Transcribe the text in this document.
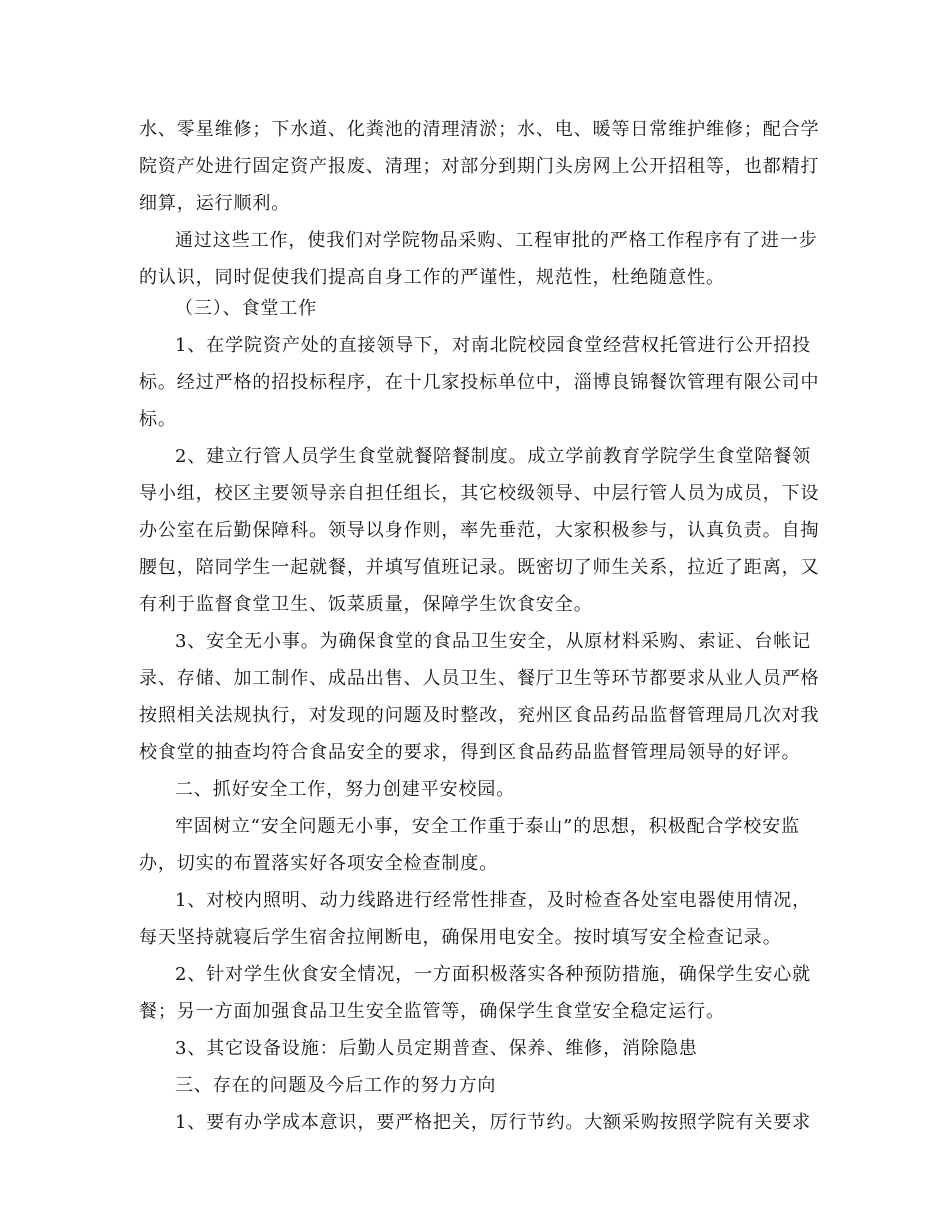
水、零星维修；下水道、化粪池的清理清淤；水、电、暖等日常维护维修；配合学

院资产处进行固定资产报废、清理；对部分到期门头房网上公开招租等，也都精打

细算，运行顺利。

通过这些工作，使我们对学院物品采购、工程审批的严格工作程序有了进一步

的认识，同时促使我们提高自身工作的严谨性，规范性，杜绝随意性。

（三）、食堂工作

1、在学院资产处的直接领导下，对南北院校园食堂经营权托管进行公开招投

标。经过严格的招投标程序，在十几家投标单位中，淄博良锦餐饮管理有限公司中

标。

2、建立行管人员学生食堂就餐陪餐制度。成立学前教育学院学生食堂陪餐领

导小组，校区主要领导亲自担任组长，其它校级领导、中层行管人员为成员，下设

办公室在后勤保障科。领导以身作则，率先垂范，大家积极参与，认真负责。自掏

腰包，陪同学生一起就餐，并填写值班记录。既密切了师生关系，拉近了距离，又

有利于监督食堂卫生、饭菜质量，保障学生饮食安全。

3、安全无小事。为确保食堂的食品卫生安全，从原材料采购、索证、台帐记

录、存储、加工制作、成品出售、人员卫生、餐厅卫生等环节都要求从业人员严格

按照相关法规执行，对发现的问题及时整改，兖州区食品药品监督管理局几次对我

校食堂的抽查均符合食品安全的要求，得到区食品药品监督管理局领导的好评。

二、抓好安全工作，努力创建平安校园。

牢固树立“安全问题无小事，安全工作重于泰山”的思想，积极配合学校安监

办，切实的布置落实好各项安全检查制度。

1、对校内照明、动力线路进行经常性排查，及时检查各处室电器使用情况，

每天坚持就寝后学生宿舍拉闸断电，确保用电安全。按时填写安全检查记录。

2、针对学生伙食安全情况，一方面积极落实各种预防措施，确保学生安心就

餐；另一方面加强食品卫生安全监管等，确保学生食堂安全稳定运行。

3、其它设备设施：后勤人员定期普查、保养、维修，消除隐患

三、存在的问题及今后工作的努力方向

1、要有办学成本意识，要严格把关，厉行节约。大额采购按照学院有关要求
